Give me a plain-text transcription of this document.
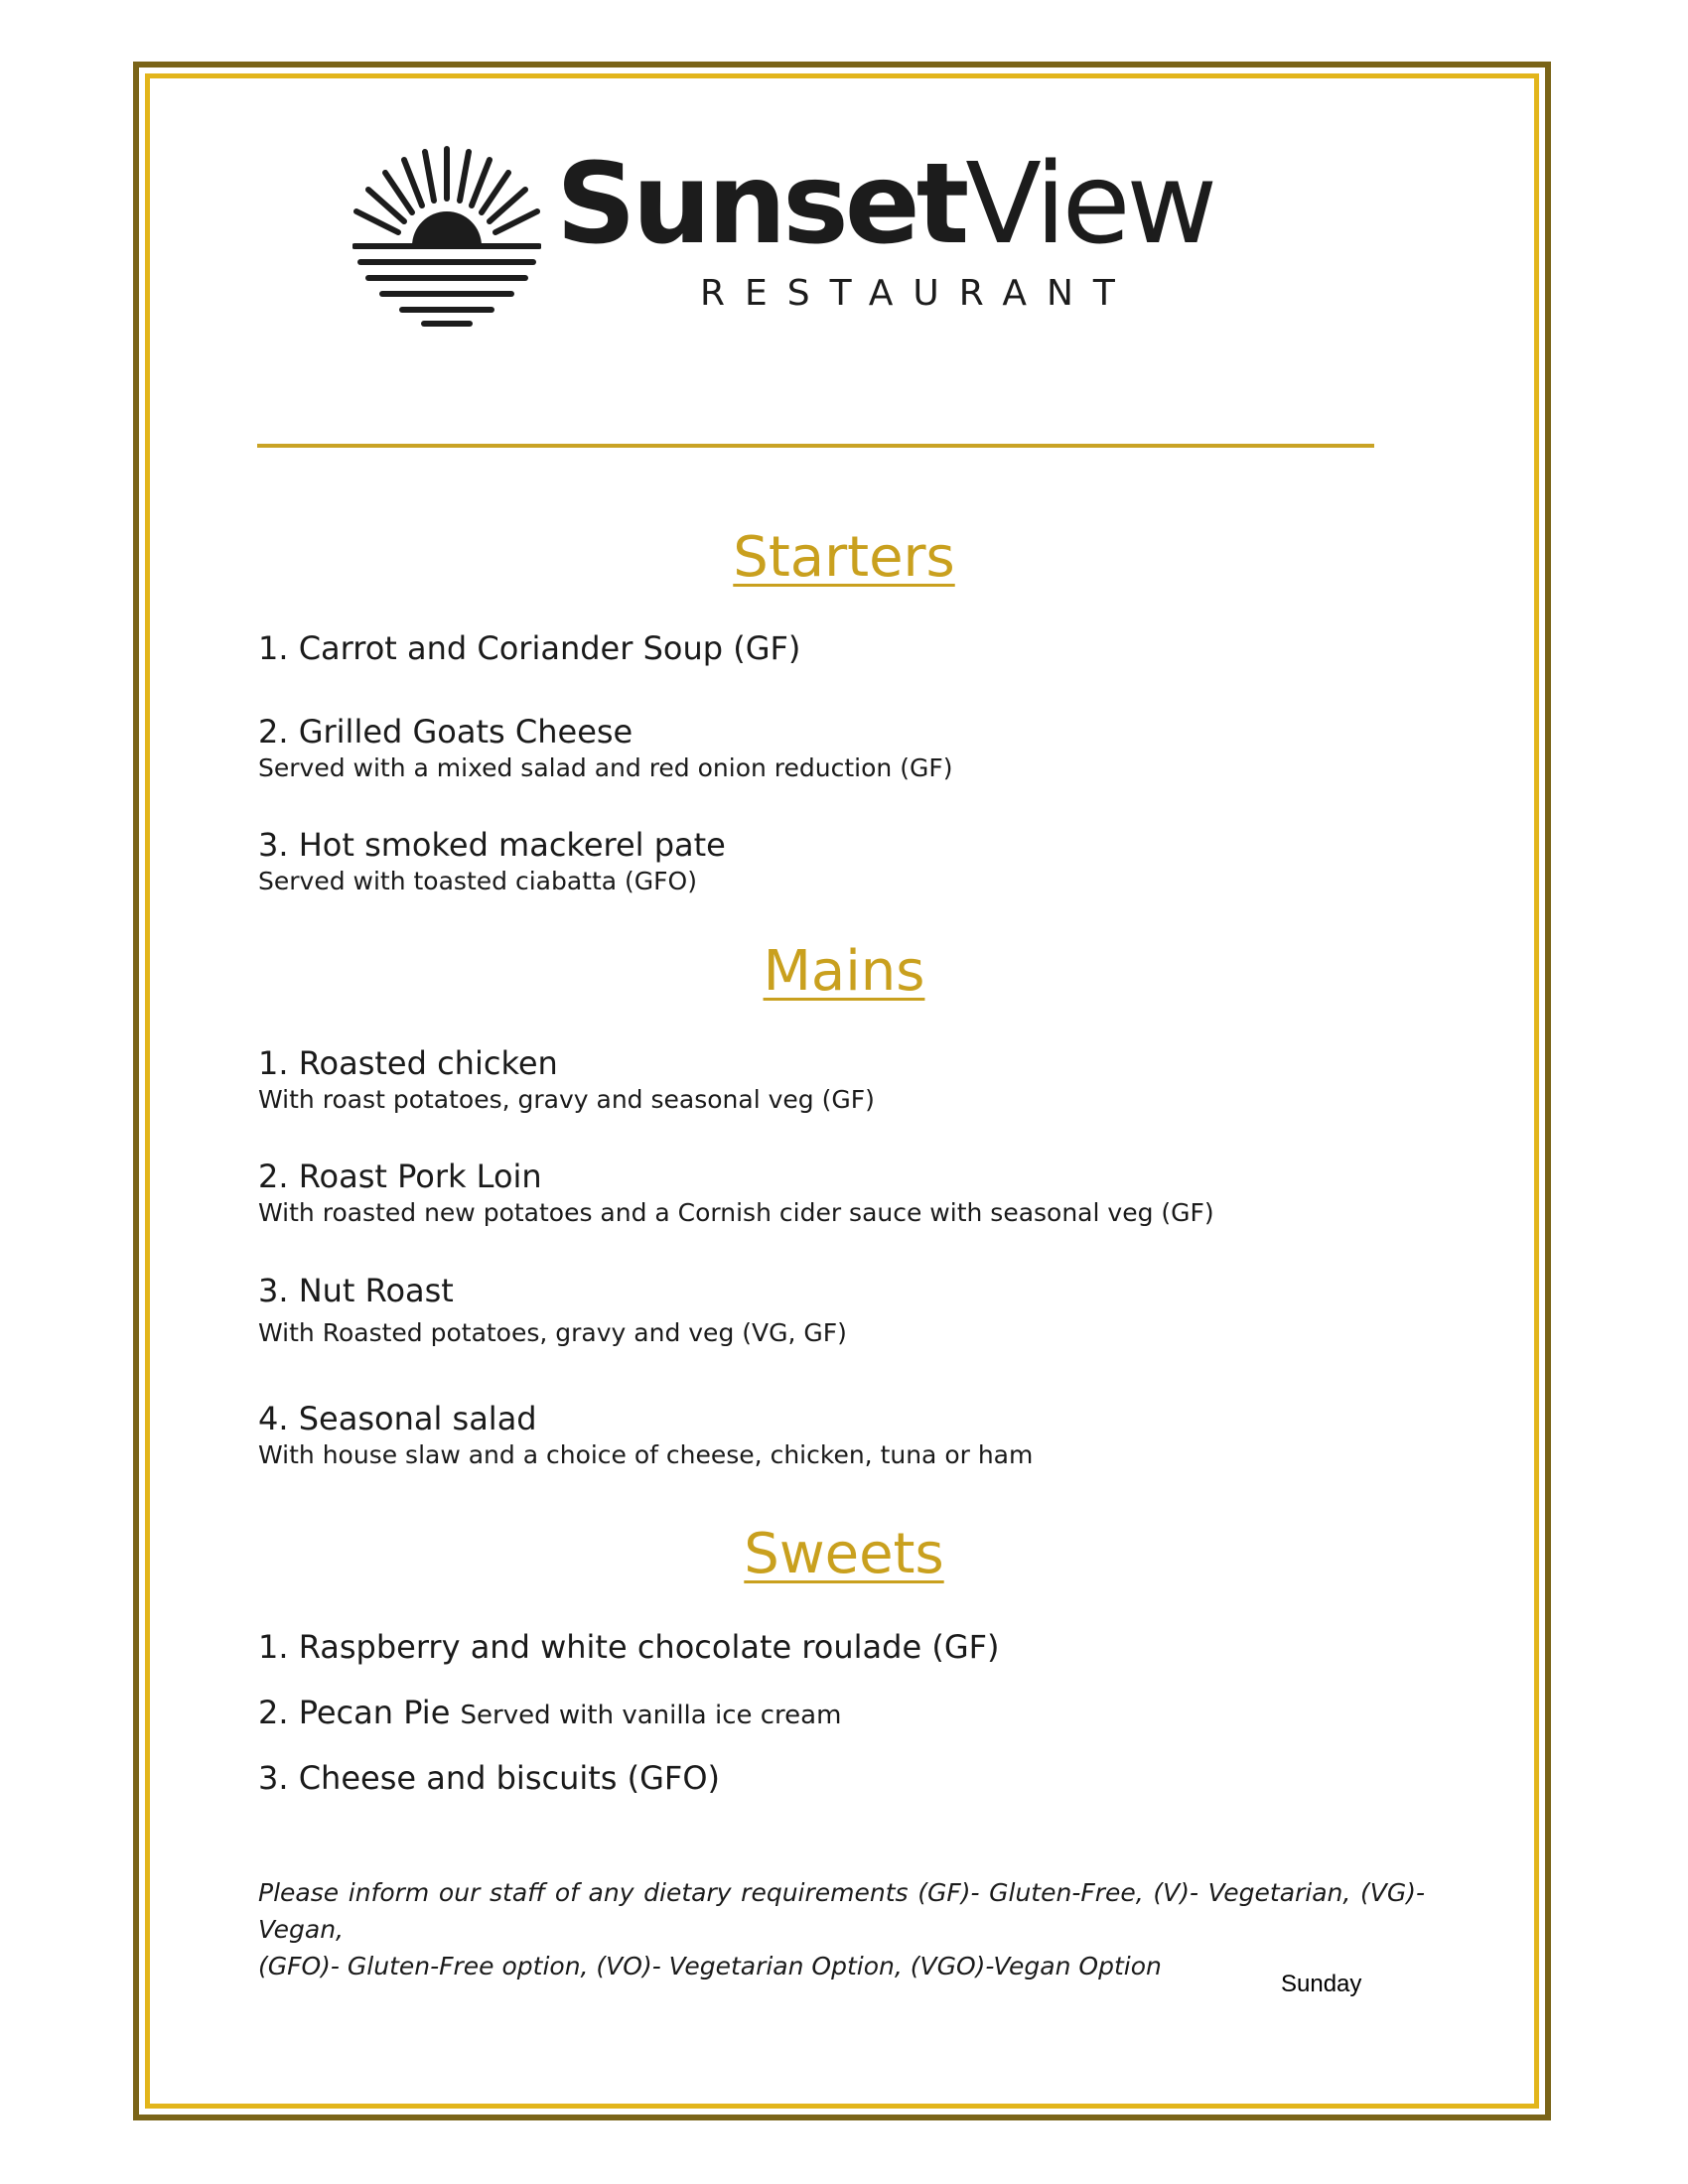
SunsetView
RESTAURANT
Starters
1. Carrot and Coriander Soup (GF)
2. Grilled Goats Cheese
Served with a mixed salad and red onion reduction (GF)
3. Hot smoked mackerel pate
Served with toasted ciabatta (GFO)
Mains
1. Roasted chicken
With roast potatoes, gravy and seasonal veg (GF)
2. Roast Pork Loin
With roasted new potatoes and a Cornish cider sauce with seasonal veg (GF)
3. Nut Roast
With Roasted potatoes, gravy and veg (VG, GF)
4. Seasonal salad
With house slaw and a choice of cheese, chicken, tuna or ham
Sweets
1. Raspberry and white chocolate roulade (GF)
2. Pecan Pie Served with vanilla ice cream
3. Cheese and biscuits (GFO)
Please inform our staff of any dietary requirements (GF)- Gluten-Free, (V)- Vegetarian, (VG)- Vegan,
(GFO)- Gluten-Free option, (VO)- Vegetarian Option, (VGO)-Vegan Option
Sunday
